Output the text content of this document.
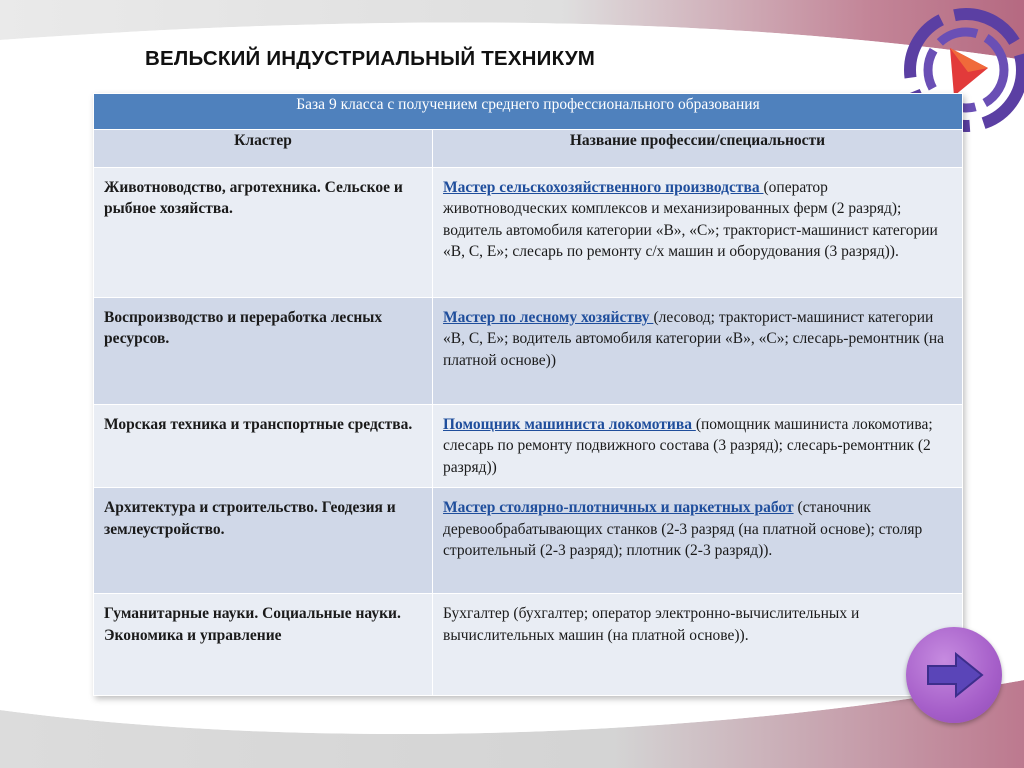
ВЕЛЬСКИЙ ИНДУСТРИАЛЬНЫЙ ТЕХНИКУМ
База 9 класса с получением среднего профессионального образования	
Кластер	Название профессии/специальности
Животноводство, агротехника. Сельское и рыбное хозяйства.	Мастер сельскохозяйственного производства (оператор животноводческих комплексов и механизированных ферм (2 разряд); водитель автомобиля категории «В», «С»; тракторист-машинист категории «В, С, Е»; слесарь по ремонту с/х машин и оборудования (3 разряд)).
Воспроизводство и переработка лесных ресурсов.	Мастер по лесному хозяйству (лесовод; тракторист-машинист категории «В, С, Е»; водитель автомобиля категории «В», «С»; слесарь-ремонтник (на платной основе))
Морская техника и транспортные средства.	Помощник машиниста локомотива (помощник машиниста локомотива; слесарь по ремонту подвижного состава (3 разряд); слесарь-ремонтник (2 разряд))
Архитектура и строительство. Геодезия и землеустройство.	Мастер столярно-плотничных и паркетных работ (станочник деревообрабатывающих станков (2-3 разряд (на платной основе); столяр строительный (2-3 разряд); плотник (2-3 разряд)).
Гуманитарные науки. Социальные науки. Экономика и управление	Бухгалтер (бухгалтер; оператор электронно-вычислительных и вычислительных машин (на платной основе)).
